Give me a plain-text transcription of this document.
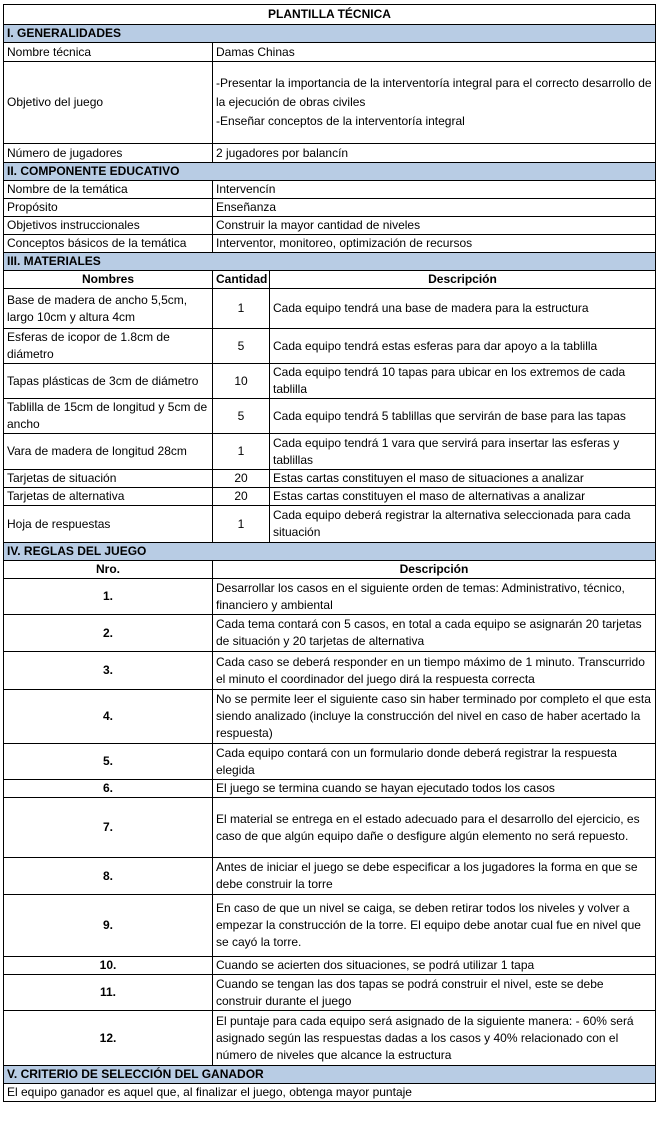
PLANTILLA TÉCNICA		
I. GENERALIDADES		
Nombre técnica	Damas Chinas	
Objetivo del juego	-Presentar la importancia de la interventoría integral para el correcto desarrollo de la ejecución de obras civiles
-Enseñar conceptos de la interventoría integral	
Número de jugadores	2 jugadores por balancín	
II. COMPONENTE EDUCATIVO		
Nombre de la temática	Intervencín	
Propósito	Enseñanza	
Objetivos instruccionales	Construir la mayor cantidad de niveles	
Conceptos básicos de la temática	Interventor, monitoreo, optimización de recursos	
III. MATERIALES		
Nombres	Cantidad	Descripción
Base de madera de ancho 5,5cm, largo 10cm y altura 4cm	1	Cada equipo tendrá una base de madera para la estructura
Esferas de icopor de 1.8cm de diámetro	5	Cada equipo tendrá estas esferas para dar apoyo a la tablilla
Tapas plásticas de 3cm de diámetro	10	Cada equipo tendrá 10 tapas para ubicar en los extremos de cada tablilla
Tablilla de 15cm de longitud y 5cm de ancho	5	Cada equipo tendrá 5 tablillas que servirán de base para las tapas
Vara de madera de longitud 28cm	1	Cada equipo tendrá 1 vara que servirá para insertar las esferas y tablillas
Tarjetas de situación	20	Estas cartas constituyen el maso de situaciones a analizar
Tarjetas de alternativa	20	Estas cartas constituyen el maso de alternativas a analizar
Hoja de respuestas	1	Cada equipo deberá registrar la alternativa seleccionada para cada situación
IV. REGLAS DEL JUEGO		
Nro.	Descripción	
1.	Desarrollar los casos en el siguiente orden de temas: Administrativo, técnico, financiero y ambiental	
2.	Cada tema contará con 5 casos, en total a cada equipo se asignarán 20 tarjetas de situación y 20 tarjetas de alternativa	
3.	Cada caso se deberá responder en un tiempo máximo de 1 minuto. Transcurrido el minuto el coordinador del juego dirá la respuesta correcta	
4.	No se permite leer el siguiente caso sin haber terminado por completo el que esta siendo analizado (incluye la construcción del nivel en caso de haber acertado la respuesta)	
5.	Cada equipo contará con un formulario donde deberá registrar la respuesta elegida	
6.	El juego se termina cuando se hayan ejecutado todos los casos	
7.	El material se entrega en el estado adecuado para el desarrollo del ejercicio, es caso de que algún equipo dañe o desfigure algún elemento no será repuesto.	
8.	Antes de iniciar el juego se debe especificar a los jugadores la forma en que se debe construir la torre	
9.	En caso de que un nivel se caiga, se deben retirar todos los niveles y volver a empezar la construcción de la torre. El equipo debe anotar cual fue en nivel que se cayó la torre.	
10.	Cuando se acierten dos situaciones, se podrá utilizar 1 tapa	
11.	Cuando se tengan las dos tapas se podrá construir el nivel, este se debe construir durante el juego	
12.	El puntaje para cada equipo será asignado de la siguiente manera: - 60% será asignado según las respuestas dadas a los casos y 40% relacionado con el número de niveles que alcance la estructura	
V. CRITERIO DE SELECCIÓN DEL GANADOR		
El equipo ganador es aquel que, al finalizar el juego, obtenga mayor puntaje		
